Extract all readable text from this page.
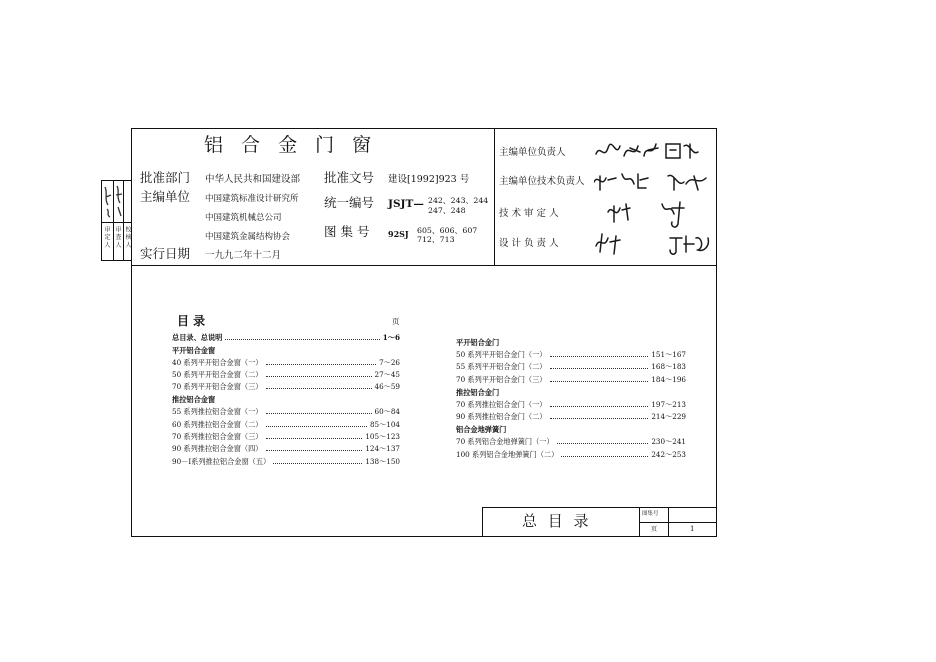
审 定 人 审 查 人 校 核 人
铝 合 金 门 窗
批准部门 中华人民共和国建设部
主编单位 中国建筑标准设计研究所
中国建筑机械总公司
中国建筑金属结构协会
实行日期 一九九二年十二月
批准文号 建设[1992]923 号
统一编号 JSJT— 242、243、244
247、248
图 集 号 92SJ 605、606、607
712、713
主编单位负责人
主编单位技术负责人
技 术 审 定 人
设 计 负 责 人
目 录	页
总目录、总说明	1～6
平开铝合金窗
40 系列平开铝合金窗（一）	7～26
50 系列平开铝合金窗（二）	27～45
70 系列平开铝合金窗（三）	46～59
推拉铝合金窗
55 系列推拉铝合金窗（一）	60～84
60 系列推拉铝合金窗（二）	85～104
70 系列推拉铝合金窗（三）	105～123
90 系列推拉铝合金窗（四）	124～137
90－Ⅰ系列推拉铝合金窗（五）	138～150
平开铝合金门
50 系列平开铝合金门（一）	151～167
55 系列平开铝合金门（二）	168～183
70 系列平开铝合金门（三）	184～196
推拉铝合金门
70 系列推拉铝合金门（一）	197～213
90 系列推拉铝合金门（二）	214～229
铝合金地弹簧门
70 系列铝合金地弹簧门（一）	230～241
100 系列铝合金地弹簧门（二）	242～253
总 目 录	图集号
页	1
